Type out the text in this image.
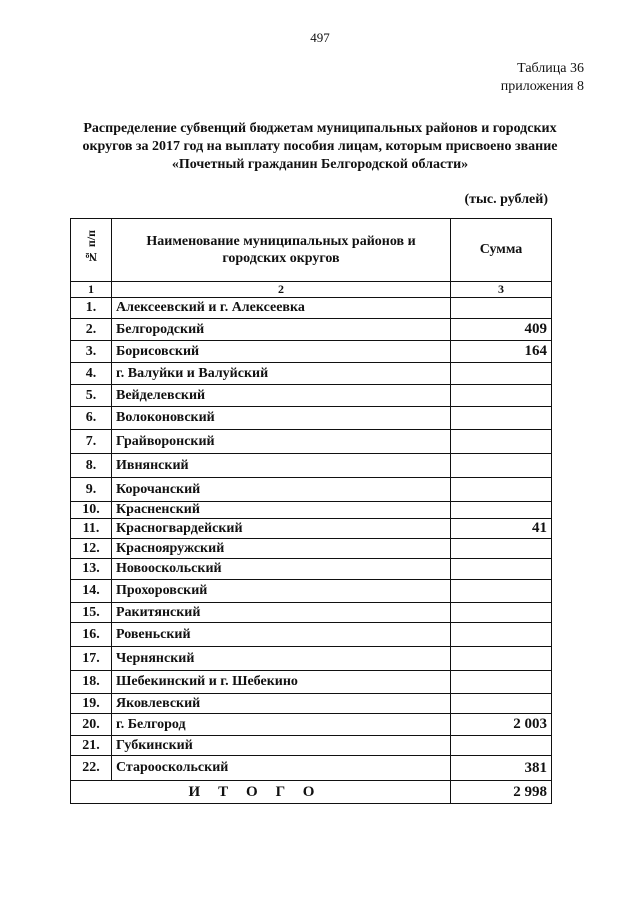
497
Таблица 36
приложения 8
Распределение субвенций бюджетам муниципальных районов и городских округов за 2017 год на выплату пособия лицам, которым присвоено звание «Почетный гражданин Белгородской области»
(тыс. рублей)
№ п/п	Наименование муниципальных районов и городских округов	Сумма
1	2	3
1.	Алексеевский и г. Алексеевка	
2.	Белгородский	409
3.	Борисовский	164
4.	г. Валуйки и Валуйский	
5.	Вейделевский	
6.	Волоконовский	
7.	Грайворонский	
8.	Ивнянский	
9.	Корочанский	
10.	Красненский	
11.	Красногвардейский	41
12.	Краснояружский	
13.	Новооскольский	
14.	Прохоровский	
15.	Ракитянский	
16.	Ровеньский	
17.	Чернянский	
18.	Шебекинский и г. Шебекино	
19.	Яковлевский	
20.	г. Белгород	2 003
21.	Губкинский	
22.	Старооскольский	381
ИТОГО		2 998
